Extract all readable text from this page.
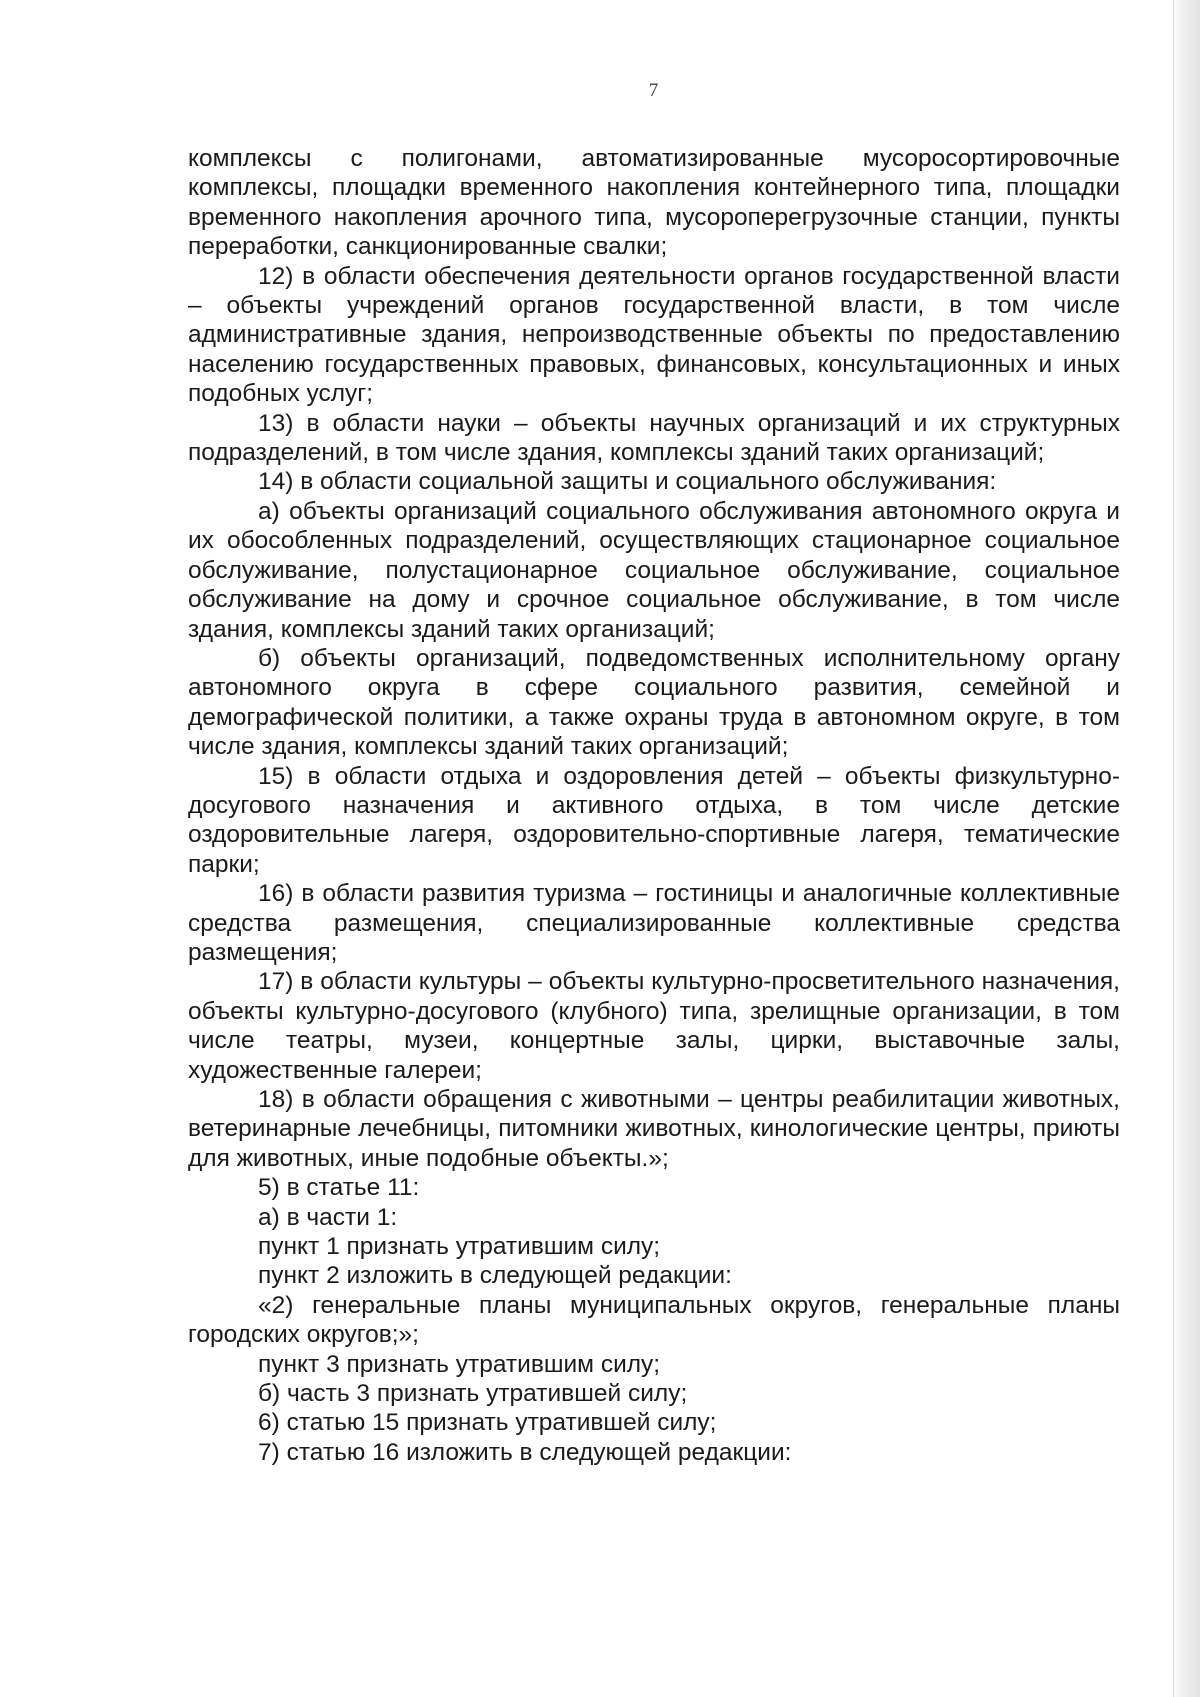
7

комплексы с полигонами, автоматизированные мусоросортировочные комплексы, площадки временного накопления контейнерного типа, площадки временного накопления арочного типа, мусороперегрузочные станции, пункты переработки, санкционированные свалки;

12) в области обеспечения деятельности органов государственной власти – объекты учреждений органов государственной власти, в том числе административные здания, непроизводственные объекты по предоставлению населению государственных правовых, финансовых, консультационных и иных подобных услуг;

13) в области науки – объекты научных организаций и их структурных подразделений, в том числе здания, комплексы зданий таких организаций;

14) в области социальной защиты и социального обслуживания:

а) объекты организаций социального обслуживания автономного округа и их обособленных подразделений, осуществляющих стационарное социальное обслуживание, полустационарное социальное обслуживание, социальное обслуживание на дому и срочное социальное обслуживание, в том числе здания, комплексы зданий таких организаций;

б) объекты организаций, подведомственных исполнительному органу автономного округа в сфере социального развития, семейной и демографической политики, а также охраны труда в автономном округе, в том числе здания, комплексы зданий таких организаций;

15) в области отдыха и оздоровления детей – объекты физкультурно-досугового назначения и активного отдыха, в том числе детские оздоровительные лагеря, оздоровительно-спортивные лагеря, тематические парки;

16) в области развития туризма – гостиницы и аналогичные коллективные средства размещения, специализированные коллективные средства размещения;

17) в области культуры – объекты культурно-просветительного назначения, объекты культурно-досугового (клубного) типа, зрелищные организации, в том числе театры, музеи, концертные залы, цирки, выставочные залы, художественные галереи;

18) в области обращения с животными – центры реабилитации животных, ветеринарные лечебницы, питомники животных, кинологические центры, приюты для животных, иные подобные объекты.»;

5) в статье 11:

а) в части 1:

пункт 1 признать утратившим силу;

пункт 2 изложить в следующей редакции:

«2) генеральные планы муниципальных округов, генеральные планы городских округов;»;

пункт 3 признать утратившим силу;

б) часть 3 признать утратившей силу;

6) статью 15 признать утратившей силу;

7) статью 16 изложить в следующей редакции:
